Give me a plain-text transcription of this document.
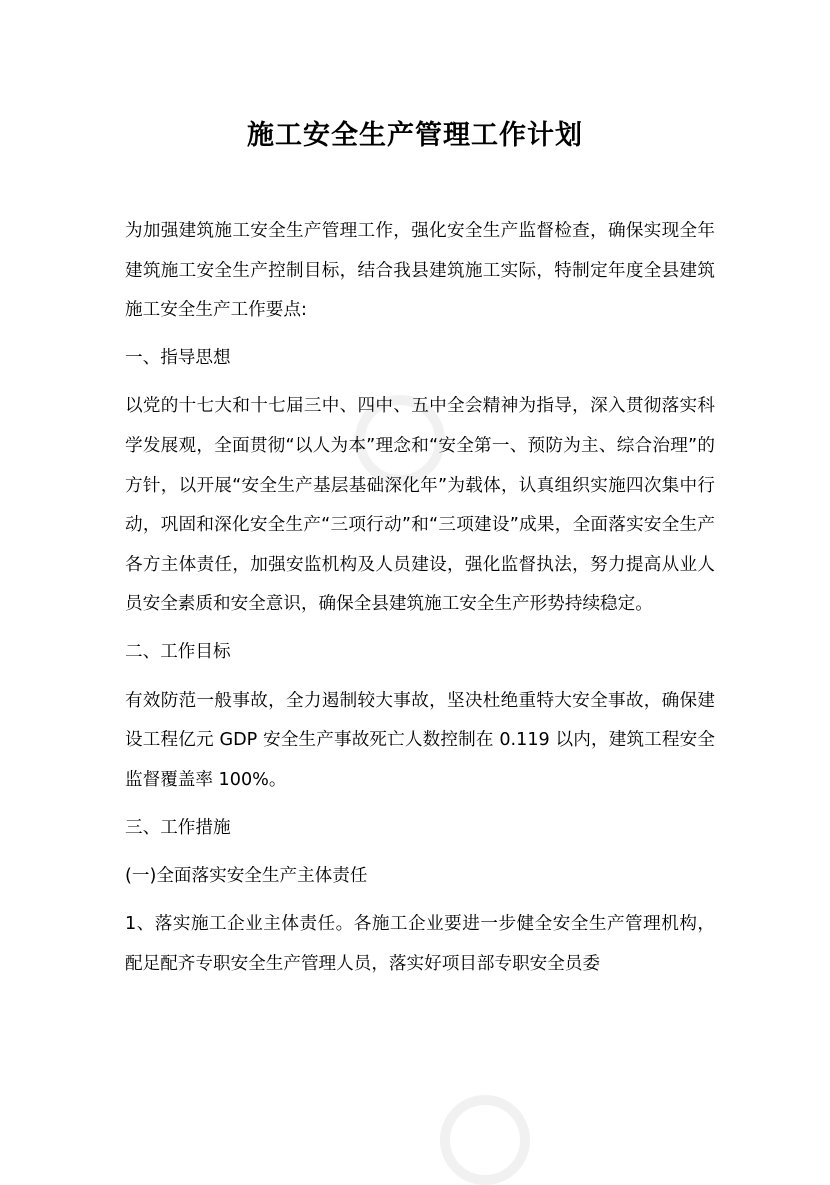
施工安全生产管理工作计划

为加强建筑施工安全生产管理工作，强化安全生产监督检查，确保实现全年建筑施工安全生产控制目标，结合我县建筑施工实际，特制定年度全县建筑施工安全生产工作要点:

一、指导思想

以党的十七大和十七届三中、四中、五中全会精神为指导，深入贯彻落实科学发展观，全面贯彻“以人为本”理念和“安全第一、预防为主、综合治理”的方针，以开展“安全生产基层基础深化年”为载体，认真组织实施四次集中行动，巩固和深化安全生产“三项行动”和“三项建设”成果，全面落实安全生产各方主体责任，加强安监机构及人员建设，强化监督执法，努力提高从业人员安全素质和安全意识，确保全县建筑施工安全生产形势持续稳定。

二、工作目标

有效防范一般事故，全力遏制较大事故，坚决杜绝重特大安全事故，确保建设工程亿元 GDP 安全生产事故死亡人数控制在 0.119 以内，建筑工程安全监督覆盖率 100%。

三、工作措施

(一)全面落实安全生产主体责任

1、落实施工企业主体责任。各施工企业要进一步健全安全生产管理机构，配足配齐专职安全生产管理人员，落实好项目部专职安全员委
